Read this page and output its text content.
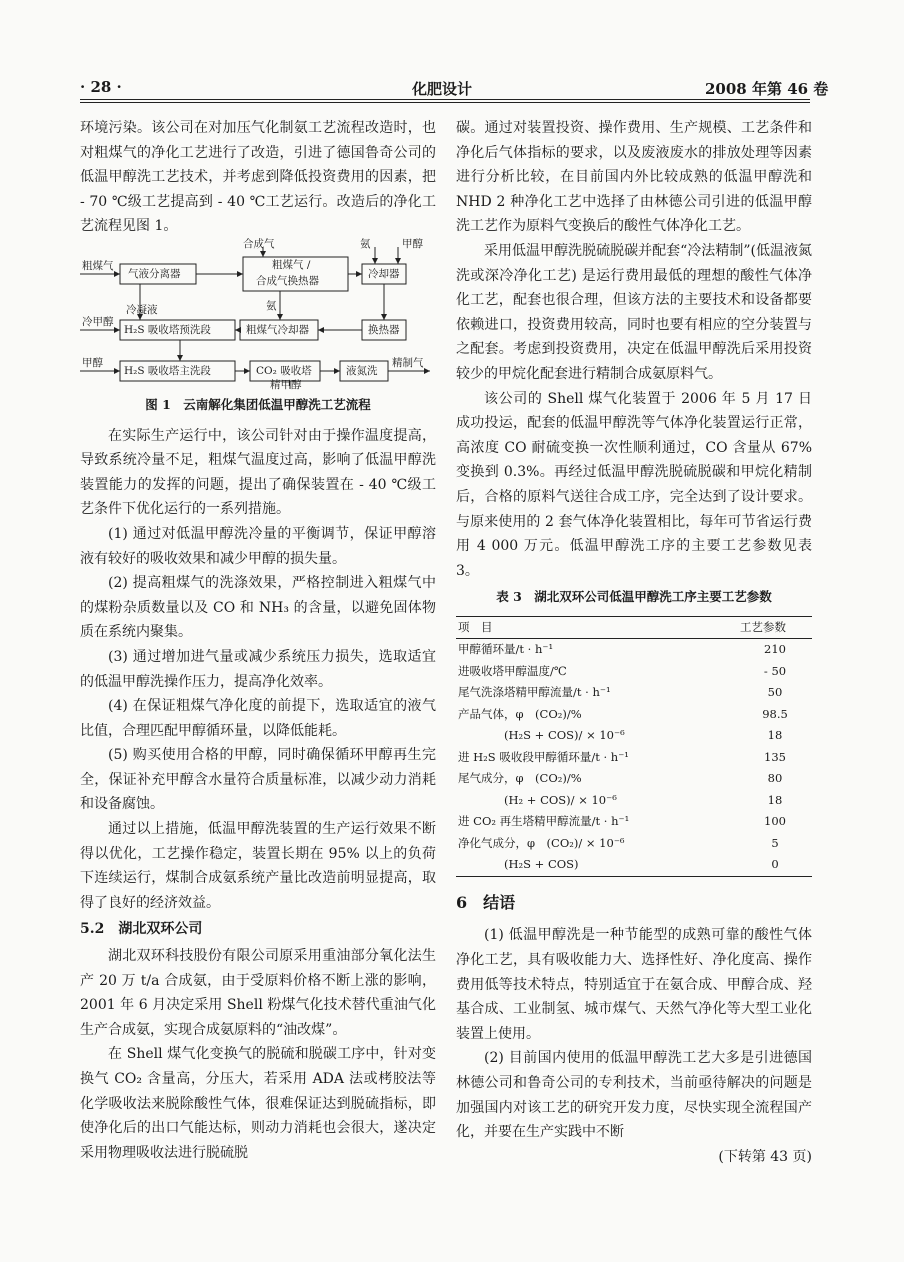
· 28 ·	化肥设计	2008 年第 46 卷

环境污染。该公司在对加压气化制氨工艺流程改造时，也对粗煤气的净化工艺进行了改造，引进了德国鲁奇公司的低温甲醇洗工艺技术，并考虑到降低投资费用的因素，把 - 70 ℃级工艺提高到 - 40 ℃工艺运行。改造后的净化工艺流程见图 1。

粗煤气
合成气	氨	甲醇
气液分离器
粗煤气 /
合成气换热器
冷却器
冷凝液	氨
冷甲醇
H₂S 吸收塔预洗段	粗煤气冷却器	换热器
甲醇
H₂S 吸收塔主洗段	CO₂ 吸收塔	液氮洗
精制气
精甲醇

图 1　云南解化集团低温甲醇洗工艺流程

在实际生产运行中，该公司针对由于操作温度提高，导致系统冷量不足，粗煤气温度过高，影响了低温甲醇洗装置能力的发挥的问题，提出了确保装置在 - 40 ℃级工艺条件下优化运行的一系列措施。

(1) 通过对低温甲醇洗冷量的平衡调节，保证甲醇溶液有较好的吸收效果和减少甲醇的损失量。

(2) 提高粗煤气的洗涤效果，严格控制进入粗煤气中的煤粉杂质数量以及 CO 和 NH₃ 的含量，以避免固体物质在系统内聚集。

(3) 通过增加进气量或减少系统压力损失，选取适宜的低温甲醇洗操作压力，提高净化效率。

(4) 在保证粗煤气净化度的前提下，选取适宜的液气比值，合理匹配甲醇循环量，以降低能耗。

(5) 购买使用合格的甲醇，同时确保循环甲醇再生完全，保证补充甲醇含水量符合质量标准，以减少动力消耗和设备腐蚀。

通过以上措施，低温甲醇洗装置的生产运行效果不断得以优化，工艺操作稳定，装置长期在 95% 以上的负荷下连续运行，煤制合成氨系统产量比改造前明显提高，取得了良好的经济效益。

5.2　湖北双环公司

湖北双环科技股份有限公司原采用重油部分氧化法生产 20 万 t/a 合成氨，由于受原料价格不断上涨的影响，2001 年 6 月决定采用 Shell 粉煤气化技术替代重油气化生产合成氨，实现合成氨原料的“油改煤”。

在 Shell 煤气化变换气的脱硫和脱碳工序中，针对变换气 CO₂ 含量高，分压大，若采用 ADA 法或栲胶法等化学吸收法来脱除酸性气体，很难保证达到脱硫指标，即使净化后的出口气能达标，则动力消耗也会很大，遂决定采用物理吸收法进行脱硫脱

碳。通过对装置投资、操作费用、生产规模、工艺条件和净化后气体指标的要求，以及废液废水的排放处理等因素进行分析比较，在目前国内外比较成熟的低温甲醇洗和 NHD 2 种净化工艺中选择了由林德公司引进的低温甲醇洗工艺作为原料气变换后的酸性气体净化工艺。

采用低温甲醇洗脱硫脱碳并配套“冷法精制”(低温液氮洗或深冷净化工艺) 是运行费用最低的理想的酸性气体净化工艺，配套也很合理，但该方法的主要技术和设备都要依赖进口，投资费用较高，同时也要有相应的空分装置与之配套。考虑到投资费用，决定在低温甲醇洗后采用投资较少的甲烷化配套进行精制合成氨原料气。

该公司的 Shell 煤气化装置于 2006 年 5 月 17 日成功投运，配套的低温甲醇洗等气体净化装置运行正常，高浓度 CO 耐硫变换一次性顺利通过，CO 含量从 67% 变换到 0.3%。再经过低温甲醇洗脱硫脱碳和甲烷化精制后，合格的原料气送往合成工序，完全达到了设计要求。与原来使用的 2 套气体净化装置相比，每年可节省运行费用 4 000 万元。低温甲醇洗工序的主要工艺参数见表 3。

表 3　湖北双环公司低温甲醇洗工序主要工艺参数

项　目	工艺参数
甲醇循环量/t · h⁻¹	210
进吸收塔甲醇温度/℃	- 50
尾气洗涤塔精甲醇流量/t · h⁻¹	50
产品气体，φ　(CO₂)/%	98.5
(H₂S + COS)/ × 10⁻⁶	18
进 H₂S 吸收段甲醇循环量/t · h⁻¹	135
尾气成分，φ　(CO₂)/%	80
(H₂ + COS)/ × 10⁻⁶	18
进 CO₂ 再生塔精甲醇流量/t · h⁻¹	100
净化气成分，φ　(CO₂)/ × 10⁻⁶	5
(H₂S + COS)	0

6　结语

(1) 低温甲醇洗是一种节能型的成熟可靠的酸性气体净化工艺，具有吸收能力大、选择性好、净化度高、操作费用低等技术特点，特别适宜于在氨合成、甲醇合成、羟基合成、工业制氢、城市煤气、天然气净化等大型工业化装置上使用。

(2) 目前国内使用的低温甲醇洗工艺大多是引进德国林德公司和鲁奇公司的专利技术，当前亟待解决的问题是加强国内对该工艺的研究开发力度，尽快实现全流程国产化，并要在生产实践中不断

(下转第 43 页)
